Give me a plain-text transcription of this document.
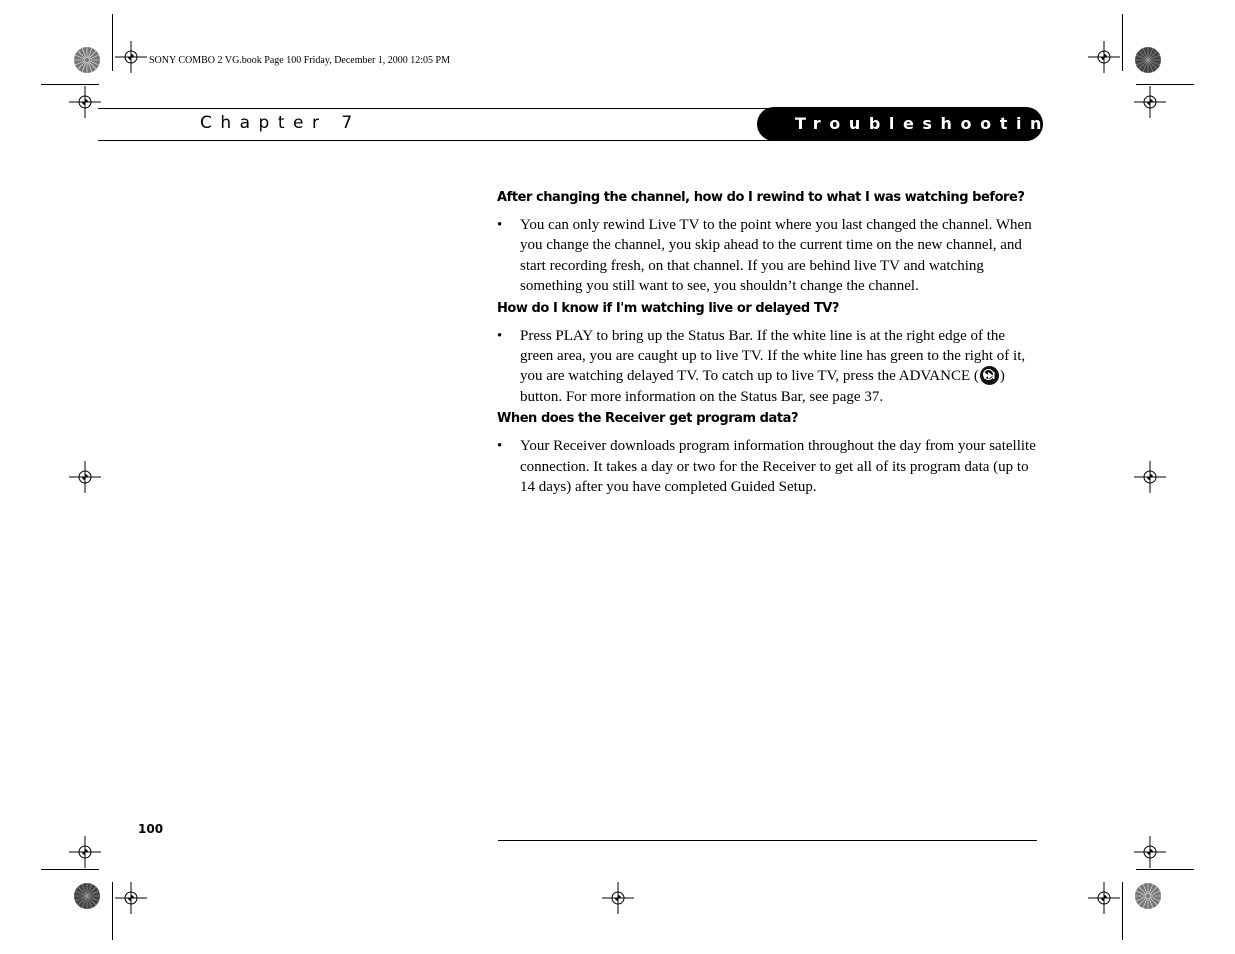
SONY COMBO 2 VG.book Page 100 Friday, December 1, 2000 12:05 PM
Chapter 7	Troubleshooting
After changing the channel, how do I rewind to what I was watching before?
• You can only rewind Live TV to the point where you last changed the channel. When you change the channel, you skip ahead to the current time on the new channel, and start recording fresh, on that channel. If you are behind live TV and watching something you still want to see, you shouldn’t change the channel.
How do I know if I'm watching live or delayed TV?
• Press PLAY to bring up the Status Bar. If the white line is at the right edge of the green area, you are caught up to live TV. If the white line has green to the right of it, you are watching delayed TV. To catch up to live TV, press the ADVANCE ( ) button. For more information on the Status Bar, see page 37.
When does the Receiver get program data?
• Your Receiver downloads program information throughout the day from your satellite connection. It takes a day or two for the Receiver to get all of its program data (up to 14 days) after you have completed Guided Setup.
100
